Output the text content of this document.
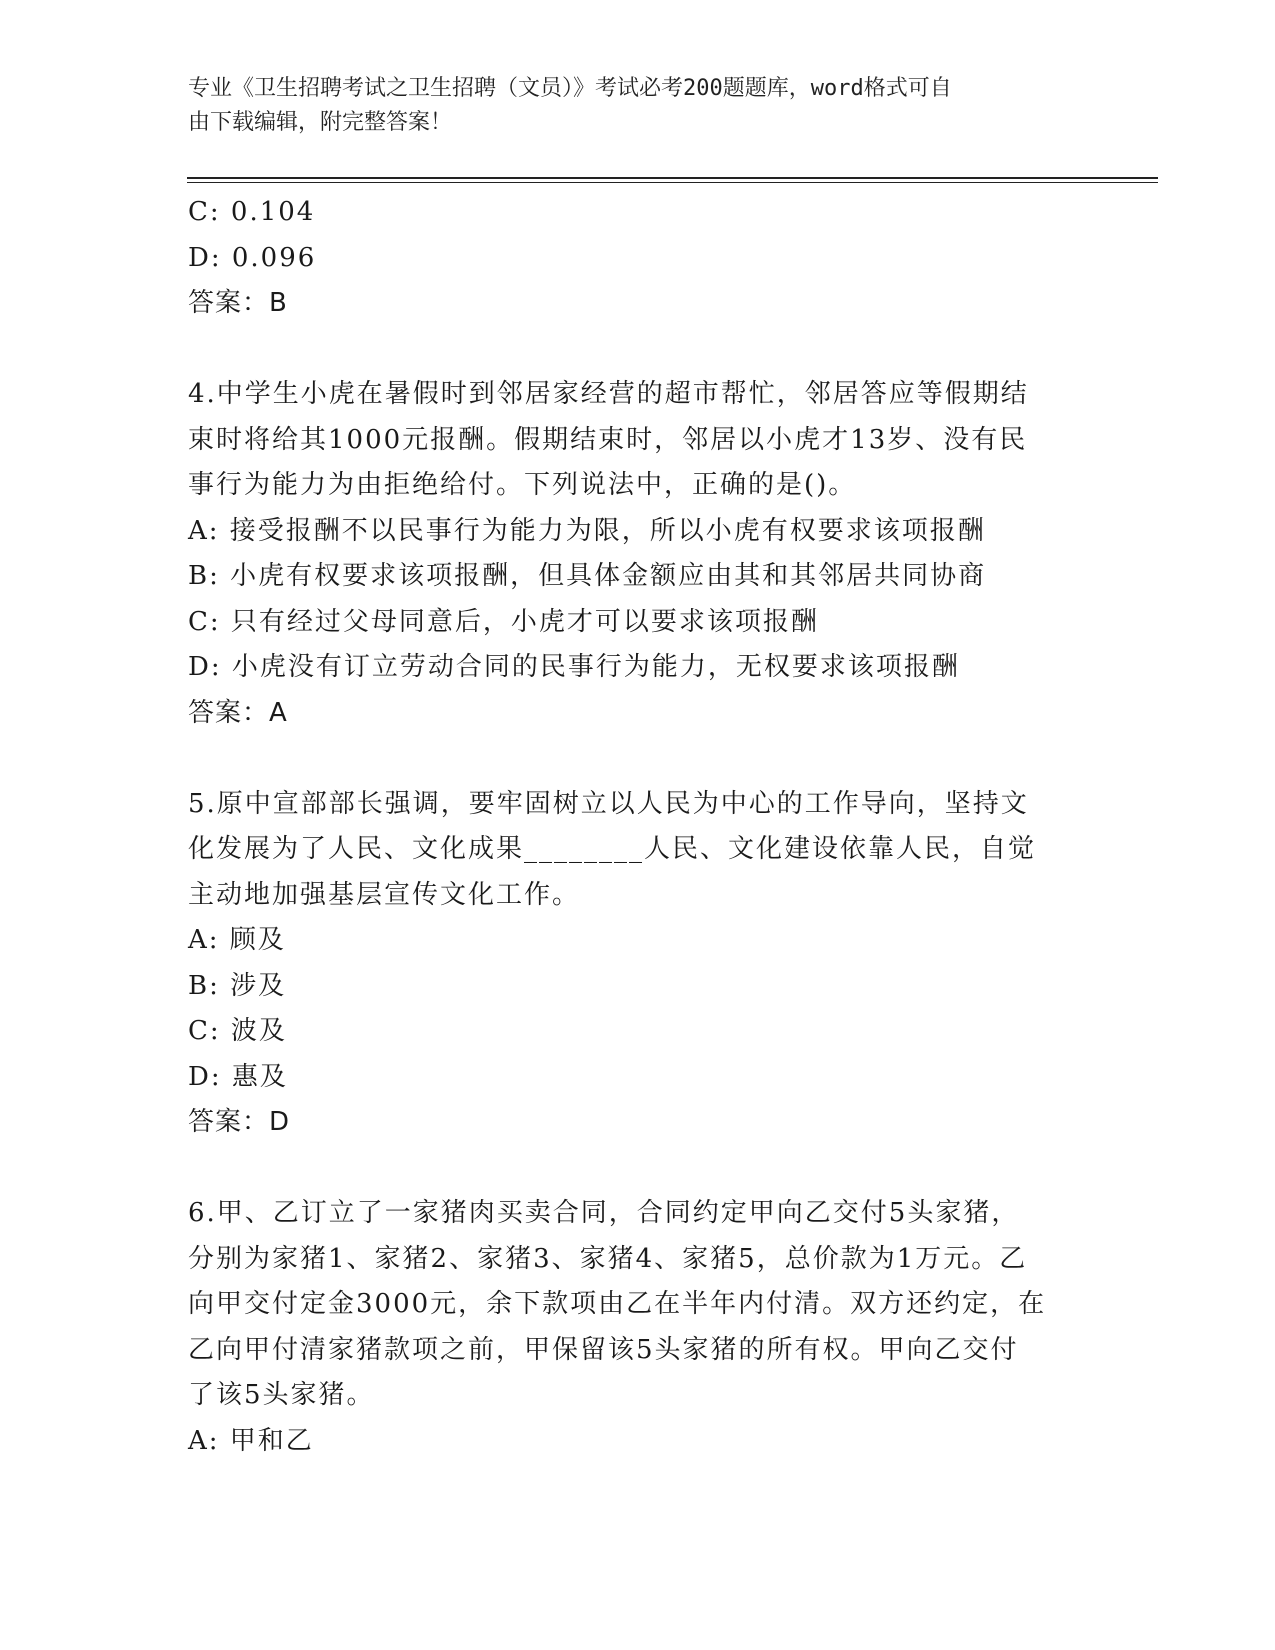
专业《卫生招聘考试之卫生招聘（文员）》考试必考200题题库，word格式可自
由下载编辑，附完整答案！
C: 0.104
D: 0.096
答案：B
4.中学生小虎在暑假时到邻居家经营的超市帮忙，邻居答应等假期结
束时将给其1000元报酬。假期结束时，邻居以小虎才13岁、没有民
事行为能力为由拒绝给付。下列说法中，正确的是()。
A: 接受报酬不以民事行为能力为限，所以小虎有权要求该项报酬
B: 小虎有权要求该项报酬，但具体金额应由其和其邻居共同协商
C: 只有经过父母同意后，小虎才可以要求该项报酬
D: 小虎没有订立劳动合同的民事行为能力，无权要求该项报酬
答案：A
5.原中宣部部长强调，要牢固树立以人民为中心的工作导向，坚持文
化发展为了人民、文化成果________人民、文化建设依靠人民，自觉
主动地加强基层宣传文化工作。
A: 顾及
B: 涉及
C: 波及
D: 惠及
答案：D
6.甲、乙订立了一家猪肉买卖合同，合同约定甲向乙交付5头家猪，
分别为家猪1、家猪2、家猪3、家猪4、家猪5，总价款为1万元。乙
向甲交付定金3000元，余下款项由乙在半年内付清。双方还约定，在
乙向甲付清家猪款项之前，甲保留该5头家猪的所有权。甲向乙交付
了该5头家猪。
A: 甲和乙
